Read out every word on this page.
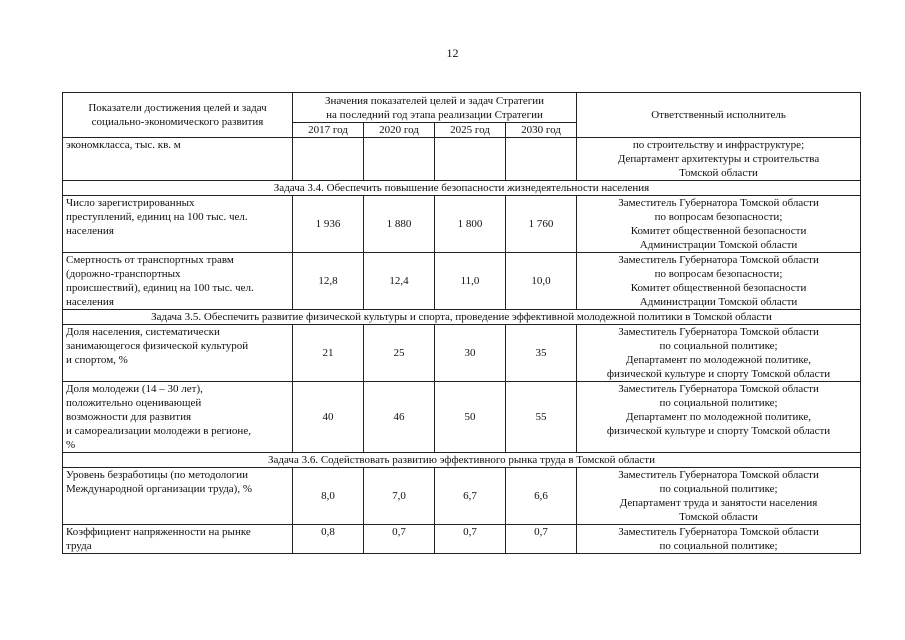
12
Показатели достижения целей и задач
социально-экономического развития	Значения показателей целей и задач Стратегии
на последний год этапа реализации Стратегии				Ответственный исполнитель
	2017 год	2020 год	2025 год	2030 год	

экономкласса, тыс. кв. м					по строительству и инфраструктуре;
Департамент архитектуры и строительства
Томской области

Задача 3.4. Обеспечить повышение безопасности жизнедеятельности населения					

Число зарегистрированных
преступлений, единиц на 100 тыс. чел.
населения	1 936	1 880	1 800	1 760	Заместитель Губернатора Томской области
по вопросам безопасности;
Комитет общественной безопасности
Администрации Томской области

Смертность от транспортных травм
(дорожно-транспортных
происшествий), единиц на 100 тыс. чел.
населения	12,8	12,4	11,0	10,0	Заместитель Губернатора Томской области
по вопросам безопасности;
Комитет общественной безопасности
Администрации Томской области

Задача 3.5. Обеспечить развитие физической культуры и спорта, проведение эффективной молодежной политики в Томской области					

Доля населения, систематически
занимающегося физической культурой
и спортом, %	21	25	30	35	Заместитель Губернатора Томской области
по социальной политике;
Департамент по молодежной политике,
физической культуре и спорту Томской области

Доля молодежи (14 – 30 лет),
положительно оценивающей
возможности для развития
и самореализации молодежи в регионе,
%	40	46	50	55	Заместитель Губернатора Томской области
по социальной политике;
Департамент по молодежной политике,
физической культуре и спорту Томской области

Задача 3.6. Содействовать развитию эффективного рынка труда в Томской области					

Уровень безработицы (по методологии
Международной организации труда), %	8,0	7,0	6,7	6,6	Заместитель Губернатора Томской области
по социальной политике;
Департамент труда и занятости населения
Томской области

Коэффициент напряженности на рынке
труда	0,8	0,7	0,7	0,7	Заместитель Губернатора Томской области
по социальной политике;
